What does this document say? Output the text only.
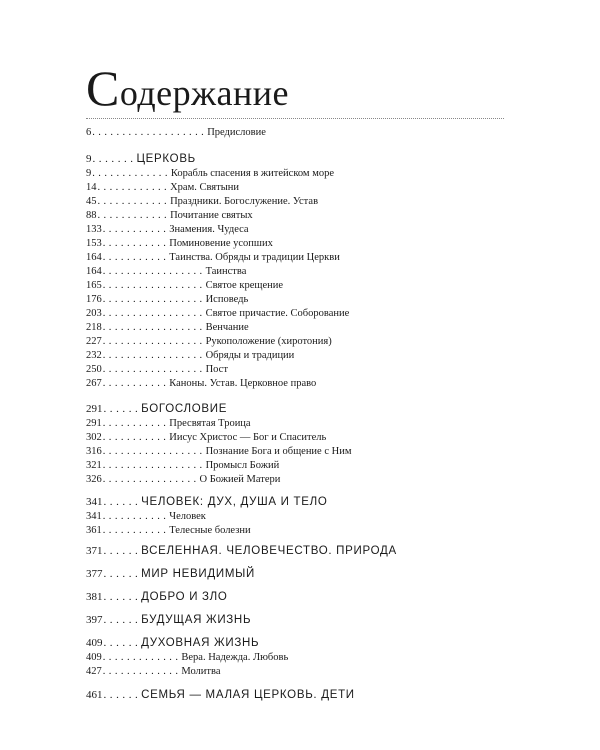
Содержание
6. . . . . . . . . . . . . . . . . . . Предисловие
9. . . . . . . ЦЕРКОВЬ
9. . . . . . . . . . . . . Корабль спасения в житейском море
14. . . . . . . . . . . . Храм. Святыни
45. . . . . . . . . . . . Праздники. Богослужение. Устав
88. . . . . . . . . . . . Почитание святых
133. . . . . . . . . . . Знамения. Чудеса
153. . . . . . . . . . . Поминовение усопших
164. . . . . . . . . . . Таинства. Обряды и традиции Церкви
164. . . . . . . . . . . . . . . . . Таинства
165. . . . . . . . . . . . . . . . . Святое крещение
176. . . . . . . . . . . . . . . . . Исповедь
203. . . . . . . . . . . . . . . . . Святое причастие. Соборование
218. . . . . . . . . . . . . . . . . Венчание
227. . . . . . . . . . . . . . . . . Рукоположение (хиротония)
232. . . . . . . . . . . . . . . . . Обряды и традиции
250. . . . . . . . . . . . . . . . . Пост
267. . . . . . . . . . . Каноны. Устав. Церковное право
291. . . . . . БОГОСЛОВИЕ
291. . . . . . . . . . . Пресвятая Троица
302. . . . . . . . . . . Иисус Христос — Бог и Спаситель
316. . . . . . . . . . . . . . . . . Познание Бога и общение с Ним
321. . . . . . . . . . . . . . . . . Промысл Божий
326. . . . . . . . . . . . . . . . О Божией Матери
341. . . . . . ЧЕЛОВЕК: ДУХ, ДУША И ТЕЛО
341. . . . . . . . . . . Человек
361. . . . . . . . . . . Телесные болезни
371. . . . . . ВСЕЛЕННАЯ. ЧЕЛОВЕЧЕСТВО. ПРИРОДА
377. . . . . . МИР НЕВИДИМЫЙ
381. . . . . . ДОБРО И ЗЛО
397. . . . . . БУДУЩАЯ ЖИЗНЬ
409. . . . . . ДУХОВНАЯ ЖИЗНЬ
409. . . . . . . . . . . . . Вера. Надежда. Любовь
427. . . . . . . . . . . . . Молитва
461. . . . . . СЕМЬЯ — МАЛАЯ ЦЕРКОВЬ. ДЕТИ
